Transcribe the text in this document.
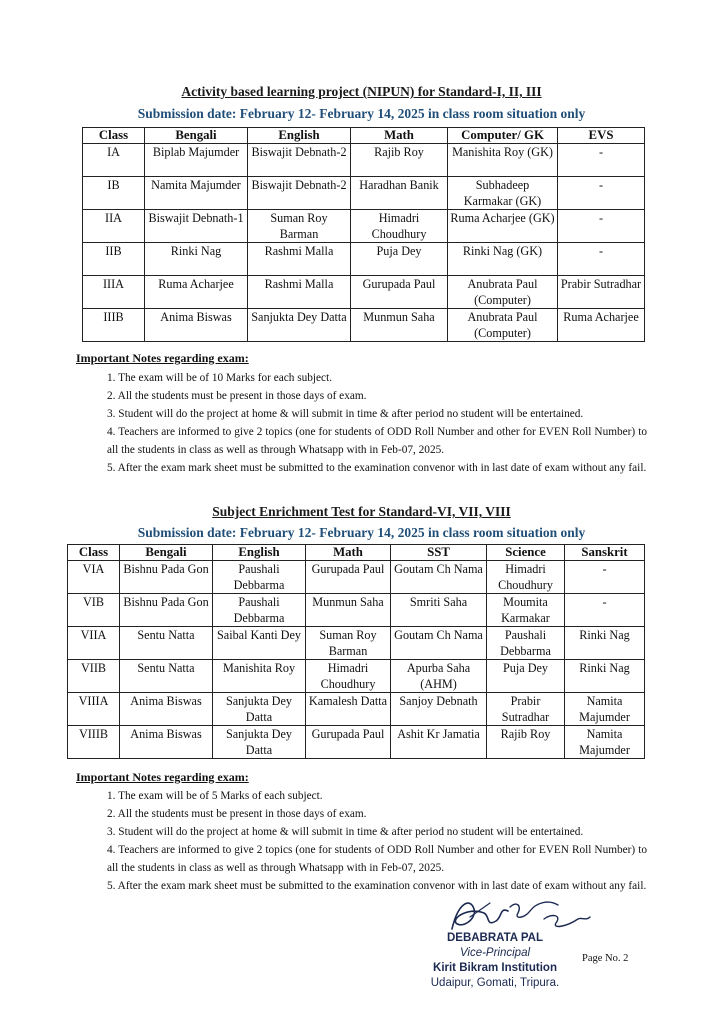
Activity based learning project (NIPUN) for Standard-I, II, III
Submission date: February 12- February 14, 2025 in class room situation only
Class	Bengali	English	Math	Computer/ GK	EVS
IA	Biplab Majumder	Biswajit Debnath-2	Rajib Roy	Manishita Roy (GK)	-
IB	Namita Majumder	Biswajit Debnath-2	Haradhan Banik	Subhadeep Karmakar (GK)	-
IIA	Biswajit Debnath-1	Suman Roy Barman	Himadri Choudhury	Ruma Acharjee (GK)	-
IIB	Rinki Nag	Rashmi Malla	Puja Dey	Rinki Nag (GK)	-
IIIA	Ruma Acharjee	Rashmi Malla	Gurupada Paul	Anubrata Paul (Computer)	Prabir Sutradhar
IIIB	Anima Biswas	Sanjukta Dey Datta	Munmun Saha	Anubrata Paul (Computer)	Ruma Acharjee
Important Notes regarding exam:
1. The exam will be of 10 Marks for each subject.
2. All the students must be present in those days of exam.
3. Student will do the project at home & will submit in time & after period no student will be entertained.
4. Teachers are informed to give 2 topics (one for students of ODD Roll Number and other for EVEN Roll Number) to all the students in class as well as through Whatsapp with in Feb-07, 2025.
5. After the exam mark sheet must be submitted to the examination convenor with in last date of exam without any fail.
Subject Enrichment Test for Standard-VI, VII, VIII
Submission date: February 12- February 14, 2025 in class room situation only
Class	Bengali	English	Math	SST	Science	Sanskrit
VIA	Bishnu Pada Gon	Paushali Debbarma	Gurupada Paul	Goutam Ch Nama	Himadri Choudhury	-
VIB	Bishnu Pada Gon	Paushali Debbarma	Munmun Saha	Smriti Saha	Moumita Karmakar	-
VIIA	Sentu Natta	Saibal Kanti Dey	Suman Roy Barman	Goutam Ch Nama	Paushali Debbarma	Rinki Nag
VIIB	Sentu Natta	Manishita Roy	Himadri Choudhury	Apurba Saha (AHM)	Puja Dey	Rinki Nag
VIIIA	Anima Biswas	Sanjukta Dey Datta	Kamalesh Datta	Sanjoy Debnath	Prabir Sutradhar	Namita Majumder
VIIIB	Anima Biswas	Sanjukta Dey Datta	Gurupada Paul	Ashit Kr Jamatia	Rajib Roy	Namita Majumder
Important Notes regarding exam:
1. The exam will be of 5 Marks of each subject.
2. All the students must be present in those days of exam.
3. Student will do the project at home & will submit in time & after period no student will be entertained.
4. Teachers are informed to give 2 topics (one for students of ODD Roll Number and other for EVEN Roll Number) to all the students in class as well as through Whatsapp with in Feb-07, 2025.
5. After the exam mark sheet must be submitted to the examination convenor with in last date of exam without any fail.
DEBABRATA PAL
Vice-Principal
Kirit Bikram Institution
Udaipur, Gomati, Tripura.
Page No. 2
